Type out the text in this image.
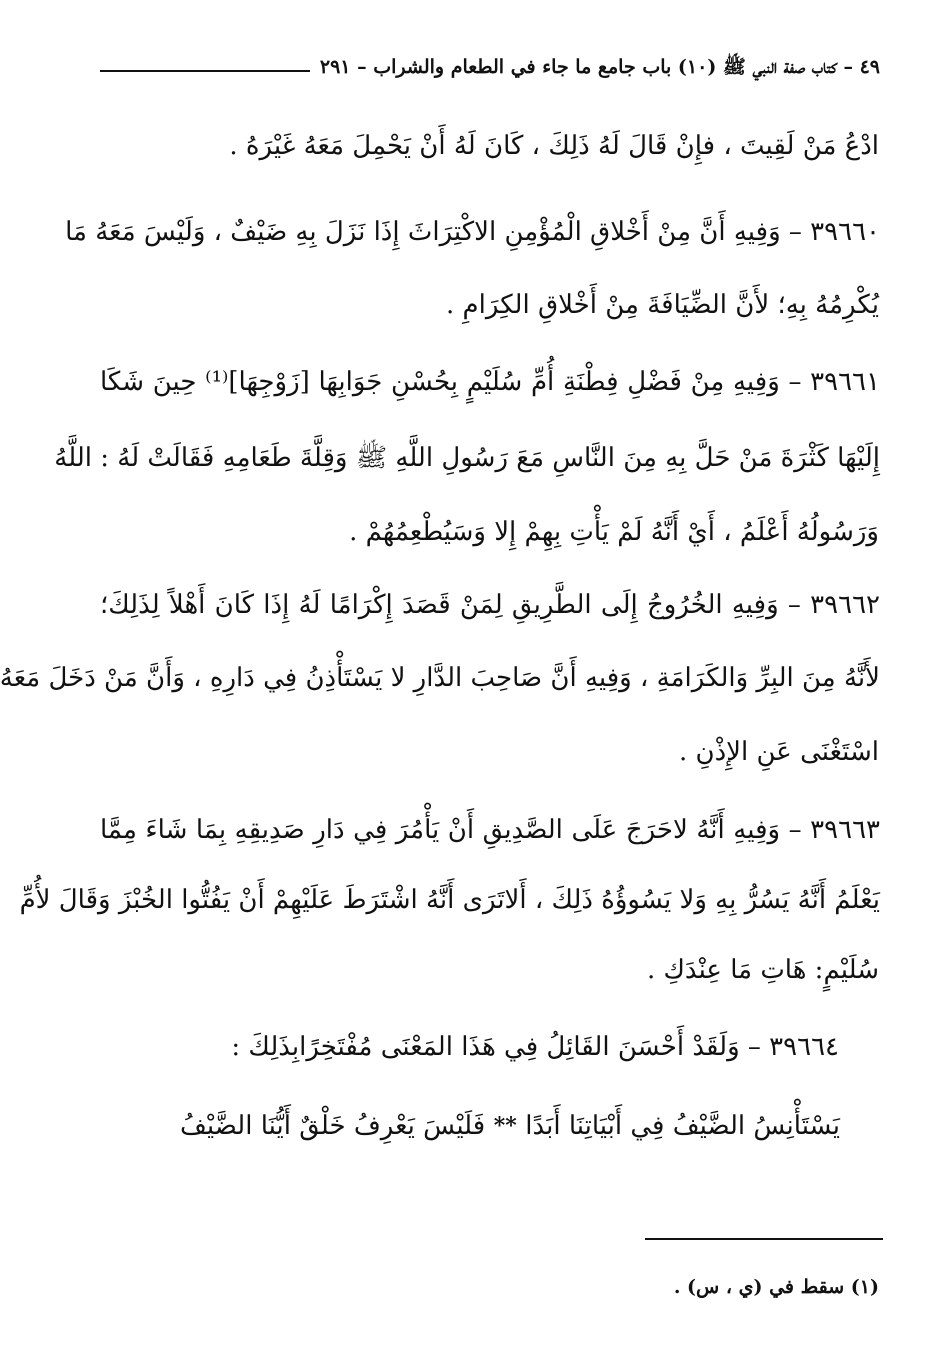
٤٩ – كتاب صفة النبي ﷺ (١٠) باب جامع ما جاء في الطعام والشراب – ٢٩١
ادْعُ مَنْ لَقِيتَ ، فإِنْ قَالَ لَهُ ذَلِكَ ، كَانَ لَهُ أَنْ يَحْمِلَ مَعَهُ غَيْرَهُ .
٣٩٦٦٠ – وَفِيهِ أَنَّ مِنْ أَخْلاقِ الْمُؤْمِنِ الاكْتِرَاثَ إِذَا نَزَلَ بِهِ ضَيْفٌ ، وَلَيْسَ مَعَهُ مَا
يُكْرِمُهُ بِهِ؛ لأَنَّ الضِّيَافَةَ مِنْ أَخْلاقِ الكِرَامِ .
٣٩٦٦١ – وَفِيهِ مِنْ فَضْلِ فِطْنَةِ أُمِّ سُلَيْمٍ بِحُسْنِ جَوَابِهَا [زَوْجِهَا]⁽¹⁾ حِينَ شَكَا
إِلَيْهَا كَثْرَةَ مَنْ حَلَّ بِهِ مِنَ النَّاسِ مَعَ رَسُولِ اللَّهِ ﷺ وَقِلَّةَ طَعَامِهِ فَقَالَتْ لَهُ : اللَّهُ
وَرَسُولُهُ أَعْلَمُ ، أَيْ أَنَّهُ لَمْ يَأْتِ بِهِمْ إِلا وَسَيُطْعِمُهُمْ .
٣٩٦٦٢ – وَفِيهِ الخُرُوجُ إِلَى الطَّرِيقِ لِمَنْ قَصَدَ إِكْرَامًا لَهُ إِذَا كَانَ أَهْلاً لِذَلِكَ؛
لأَنَّهُ مِنَ البِرِّ وَالكَرَامَةِ ، وَفِيهِ أَنَّ صَاحِبَ الدَّارِ لا يَسْتَأْذِنُ فِي دَارِهِ ، وَأَنَّ مَنْ دَخَلَ مَعَهُ
اسْتَغْنَى عَنِ الإِذْنِ .
٣٩٦٦٣ – وَفِيهِ أَنَّهُ لاحَرَجَ عَلَى الصَّدِيقِ أَنْ يَأْمُرَ فِي دَارِ صَدِيقِهِ بِمَا شَاءَ مِمَّا
يَعْلَمُ أَنَّهُ يَسُرُّ بِهِ وَلا يَسُوؤُهُ ذَلِكَ ، أَلاتَرَى أَنَّهُ اشْتَرَطَ عَلَيْهِمْ أَنْ يَفُتُّوا الخُبْزَ وَقَالَ لأُمِّ
سُلَيْمٍ: هَاتِ مَا عِنْدَكِ .
٣٩٦٦٤ – وَلَقَدْ أَحْسَنَ القَائِلُ فِي هَذَا المَعْنَى مُفْتَخِرًابِذَلِكَ :
يَسْتَأْنِسُ الضَّيْفُ فِي أَبْيَاتِنَا أَبَدًا
**
فَلَيْسَ يَعْرِفُ خَلْقٌ أَيُّنَا الضَّيْفُ
(١) سقط في (ي ، س) .
